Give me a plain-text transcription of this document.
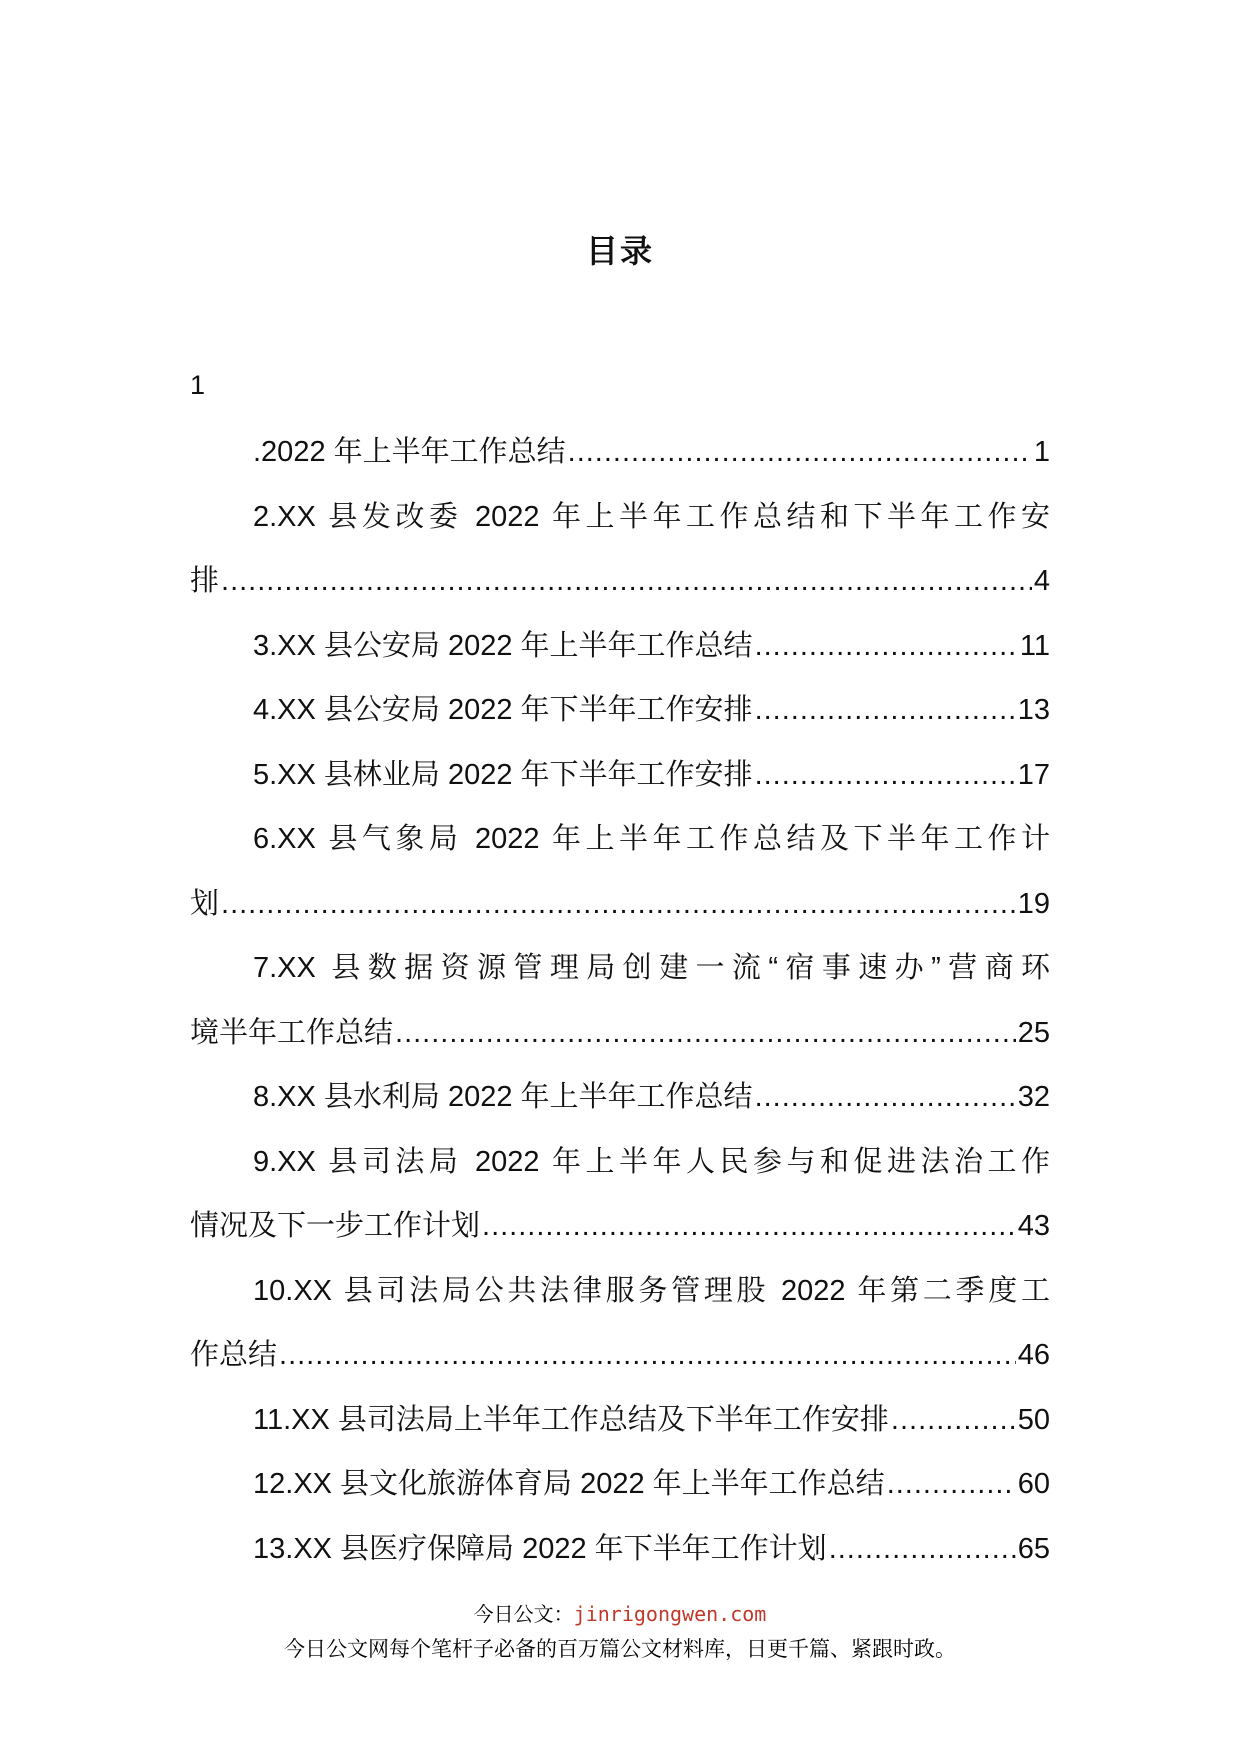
目录
1
.2022 年上半年工作总结 .....	1
2.XX 县发改委 2022 年上半年工作总结和下半年工作安
排 .....	4
3.XX 县公安局 2022 年上半年工作总结 .....	11
4.XX 县公安局 2022 年下半年工作安排 .....	13
5.XX 县林业局 2022 年下半年工作安排 .....	17
6.XX 县气象局 2022 年上半年工作总结及下半年工作计
划 .....	19
7.XX 县数据资源管理局创建一流“宿事速办”营商环
境半年工作总结 .....	25
8.XX 县水利局 2022 年上半年工作总结 .....	32
9.XX 县司法局 2022 年上半年人民参与和促进法治工作
情况及下一步工作计划 .....	43
10.XX 县司法局公共法律服务管理股 2022 年第二季度工
作总结 .....	46
11.XX 县司法局上半年工作总结及下半年工作安排 .....	50
12.XX 县文化旅游体育局 2022 年上半年工作总结 .....	60
13.XX 县医疗保障局 2022 年下半年工作计划 .....	65
今日公文：jinrigongwen.com
今日公文网每个笔杆子必备的百万篇公文材料库，日更千篇、紧跟时政。
